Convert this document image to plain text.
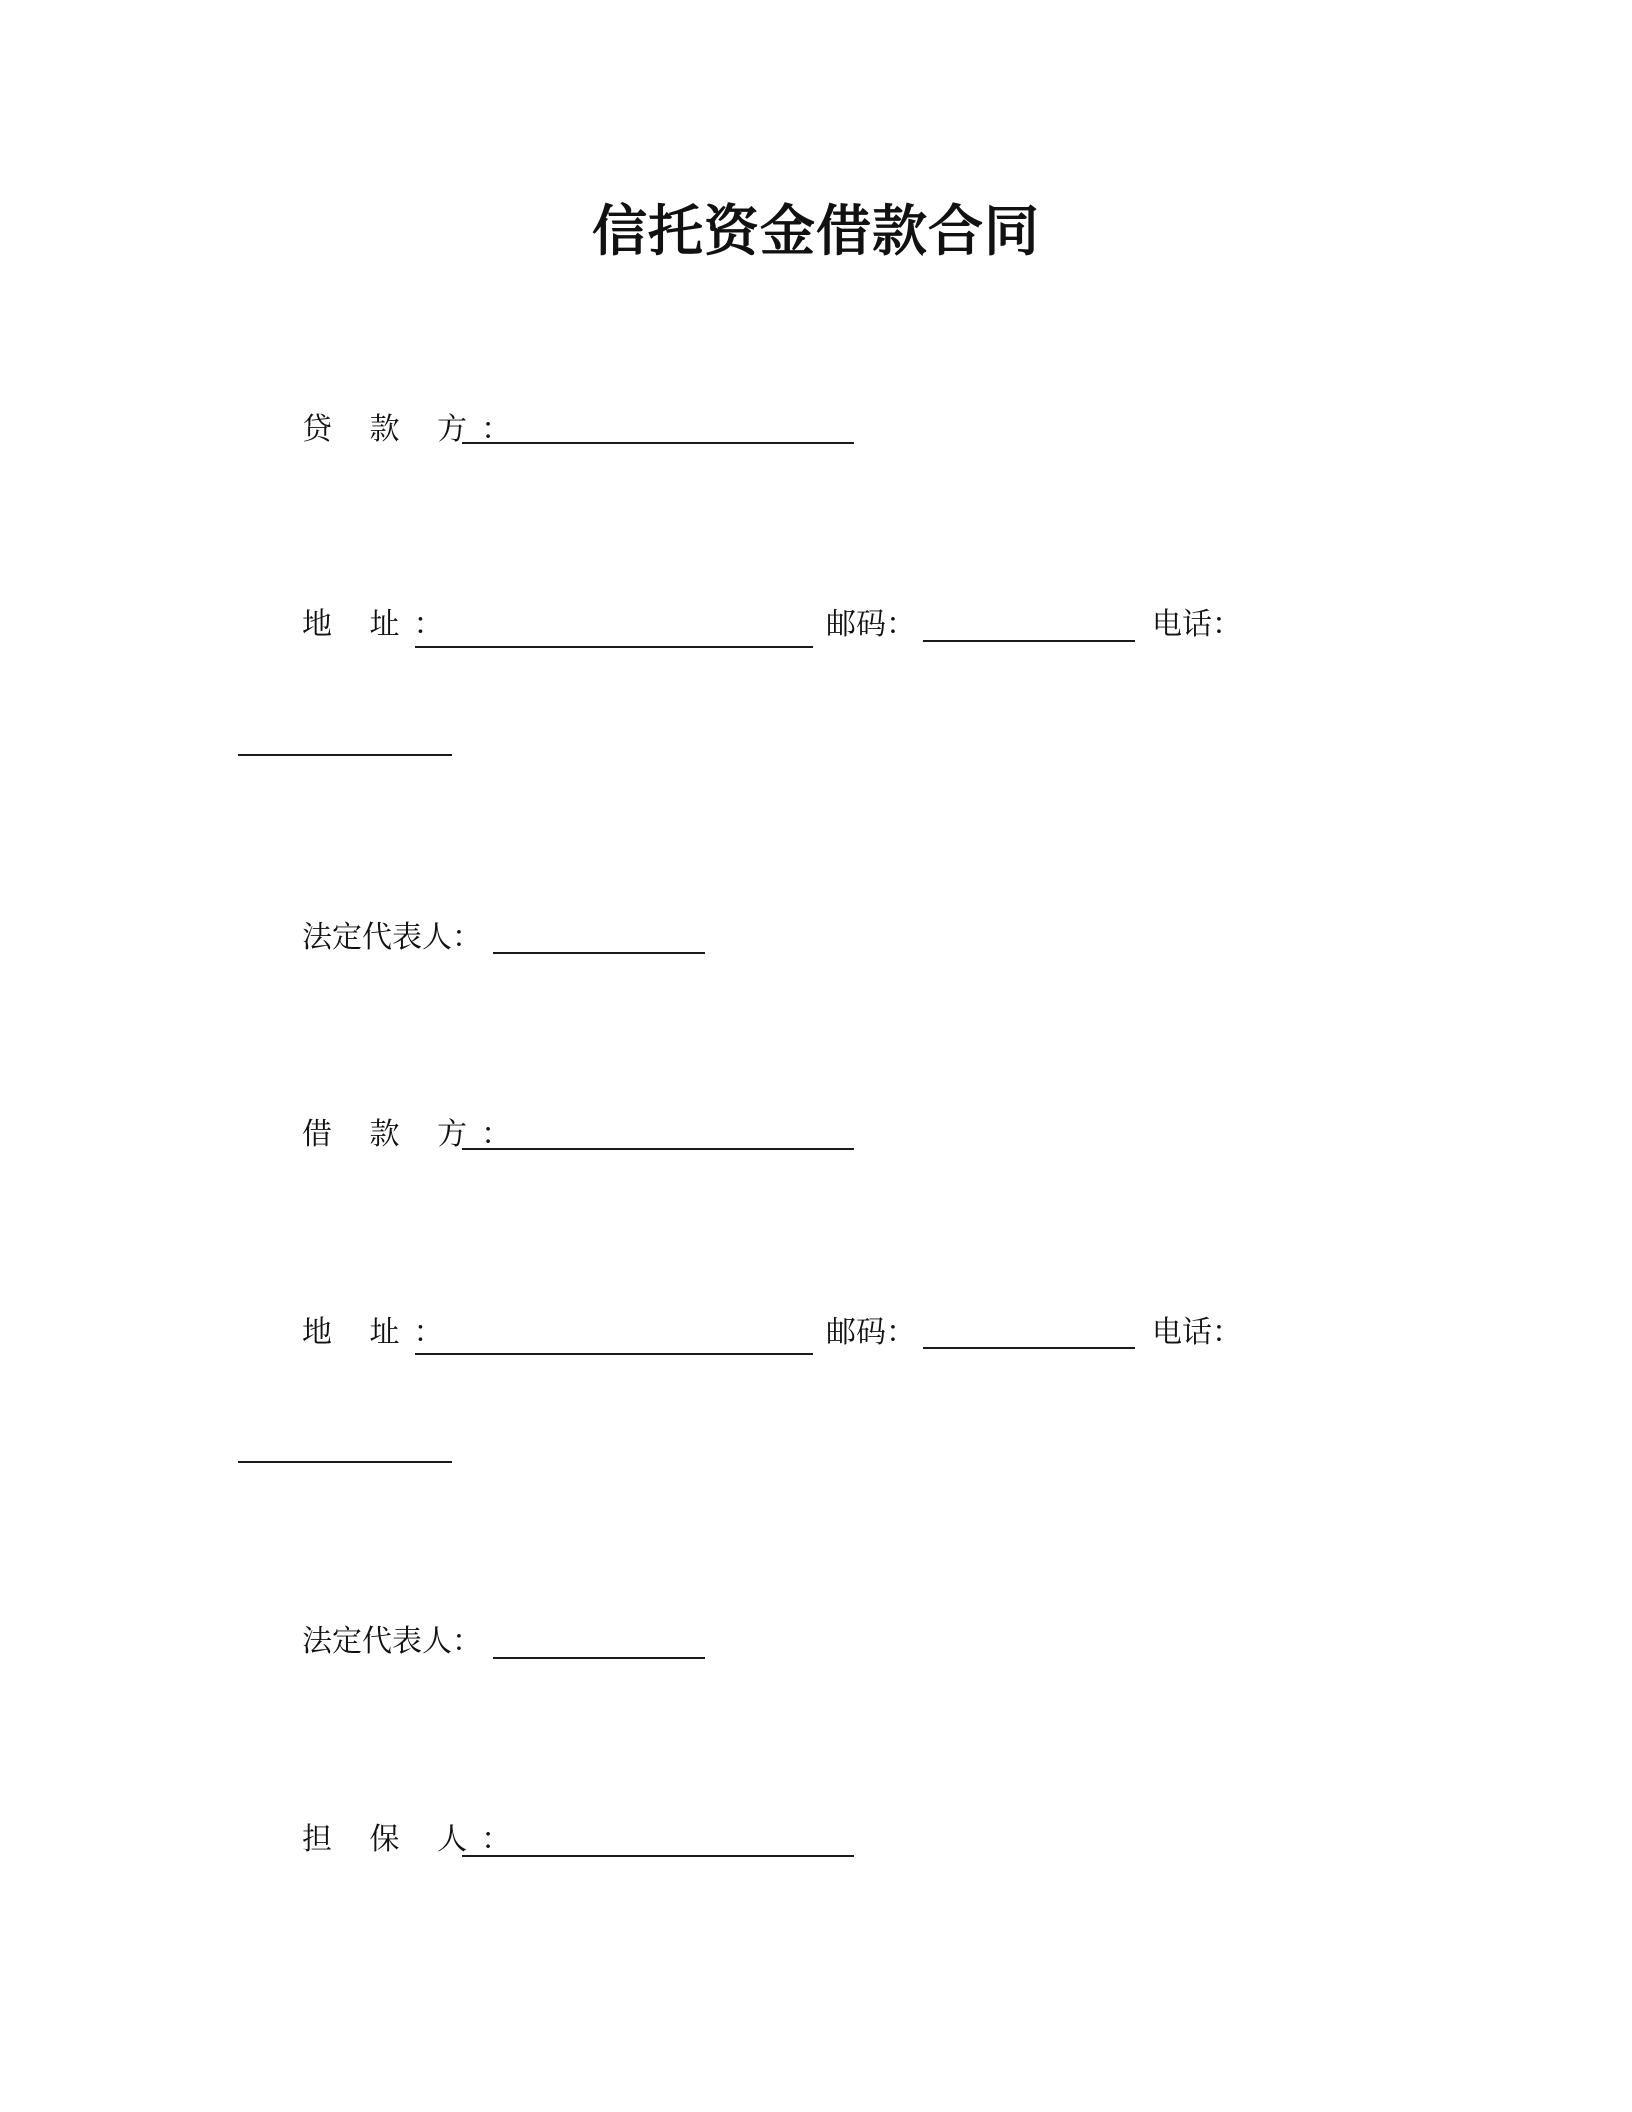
信托资金借款合同
贷 款 方：
地 址：	邮码：	电话：
法定代表人：
借 款 方：
地 址：	邮码：	电话：
法定代表人：
担 保 人：
